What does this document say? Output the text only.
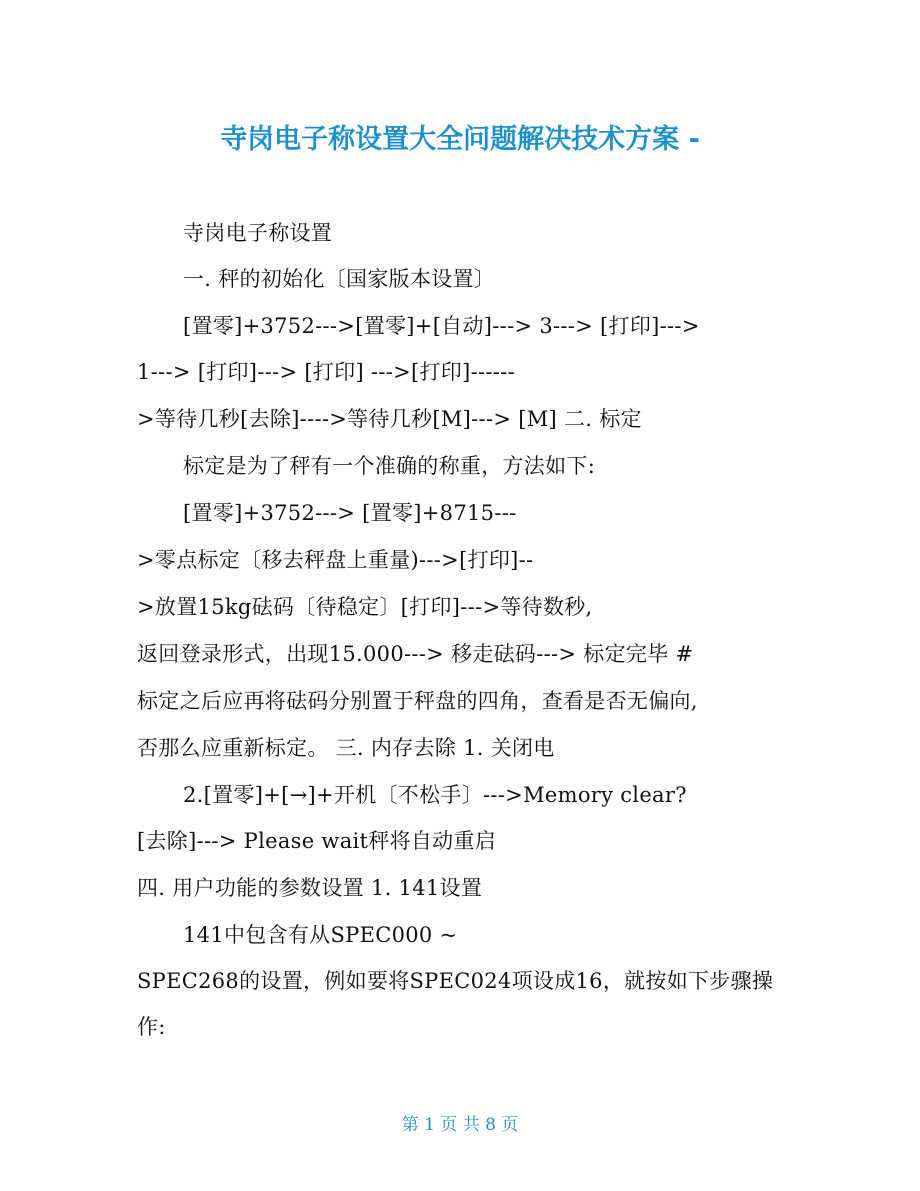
寺岗电子称设置大全问题解决技术方案 -
寺岗电子称设置
一. 秤的初始化〔国家版本设置〕
[置零]+3752--->[置零]+[自动]---> 3---> [打印]--->
1---> [打印]---> [打印] --->[打印]------
>等待几秒[去除]---->等待几秒[M]---> [M] 二. 标定
标定是为了秤有一个准确的称重，方法如下:
[置零]+3752---> [置零]+8715---
>零点标定〔移去秤盘上重量)--->[打印]--
>放置15kg砝码〔待稳定〕[打印]--->等待数秒,
返回登录形式，出现15.000---> 移走砝码---> 标定完毕 #
标定之后应再将砝码分别置于秤盘的四角，查看是否无偏向,
否那么应重新标定。 三. 内存去除 1. 关闭电
2.[置零]+[→]+开机〔不松手〕--->Memory clear?
[去除]---> Please wait秤将自动重启
四. 用户功能的参数设置 1. 141设置
141中包含有从SPEC000 ~
SPEC268的设置，例如要将SPEC024项设成16，就按如下步骤操
作:
第 1 页 共 8 页
